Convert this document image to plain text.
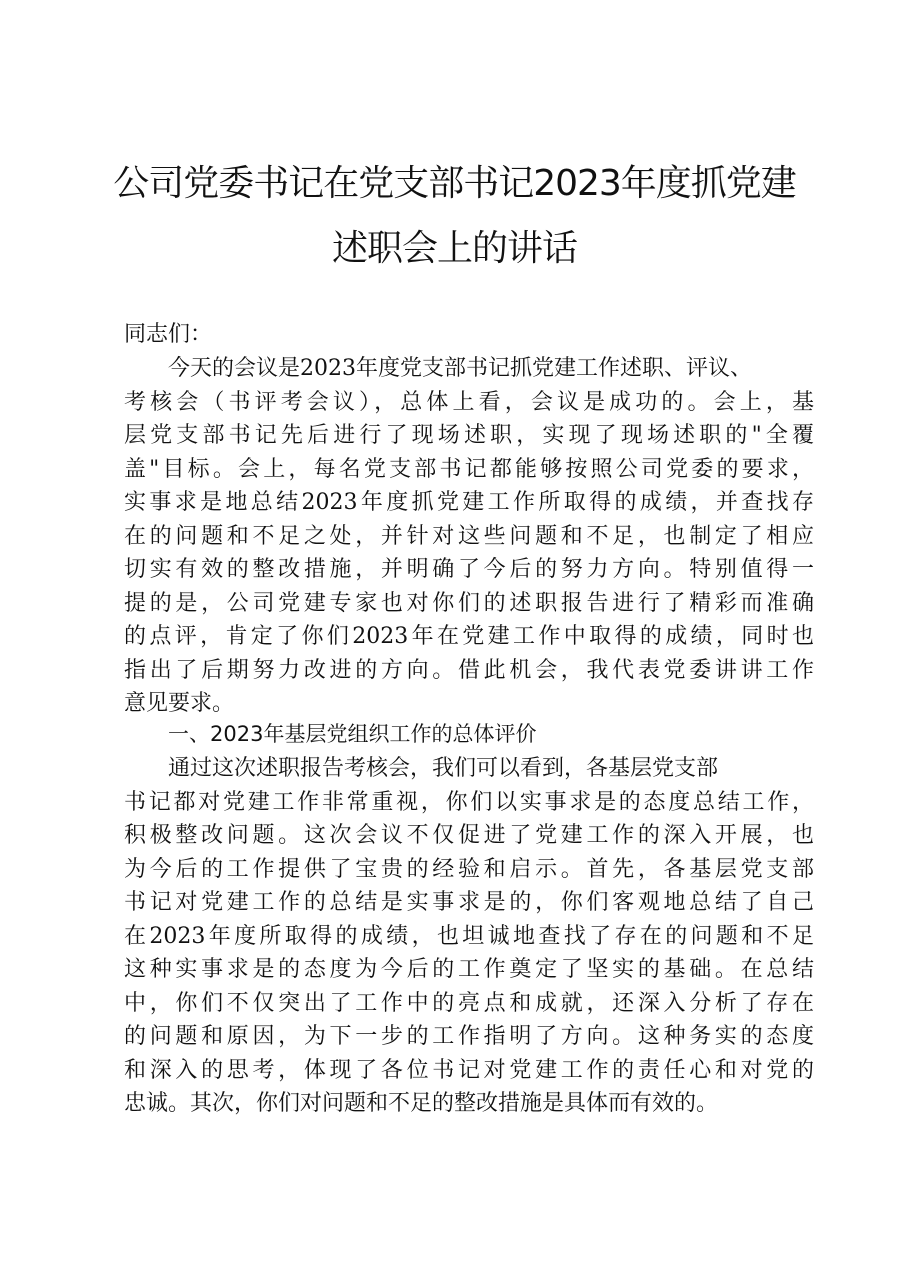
公司党委书记在党支部书记2023年度抓党建
述职会上的讲话
同志们：
今天的会议是2023年度党支部书记抓党建工作述职、评议、
考核会（书评考会议），总体上看，会议是成功的。会上，基
层党支部书记先后进行了现场述职，实现了现场述职的"全覆
盖"目标。会上，每名党支部书记都能够按照公司党委的要求，
实事求是地总结2023年度抓党建工作所取得的成绩，并查找存
在的问题和不足之处，并针对这些问题和不足，也制定了相应
切实有效的整改措施，并明确了今后的努力方向。特别值得一
提的是，公司党建专家也对你们的述职报告进行了精彩而准确
的点评，肯定了你们2023年在党建工作中取得的成绩，同时也
指出了后期努力改进的方向。借此机会，我代表党委讲讲工作
意见要求。
一、2023年基层党组织工作的总体评价
通过这次述职报告考核会，我们可以看到，各基层党支部
书记都对党建工作非常重视，你们以实事求是的态度总结工作，
积极整改问题。这次会议不仅促进了党建工作的深入开展，也
为今后的工作提供了宝贵的经验和启示。首先，各基层党支部
书记对党建工作的总结是实事求是的，你们客观地总结了自己
在2023年度所取得的成绩，也坦诚地查找了存在的问题和不足
这种实事求是的态度为今后的工作奠定了坚实的基础。在总结
中，你们不仅突出了工作中的亮点和成就，还深入分析了存在
的问题和原因，为下一步的工作指明了方向。这种务实的态度
和深入的思考，体现了各位书记对党建工作的责任心和对党的
忠诚。其次，你们对问题和不足的整改措施是具体而有效的。
